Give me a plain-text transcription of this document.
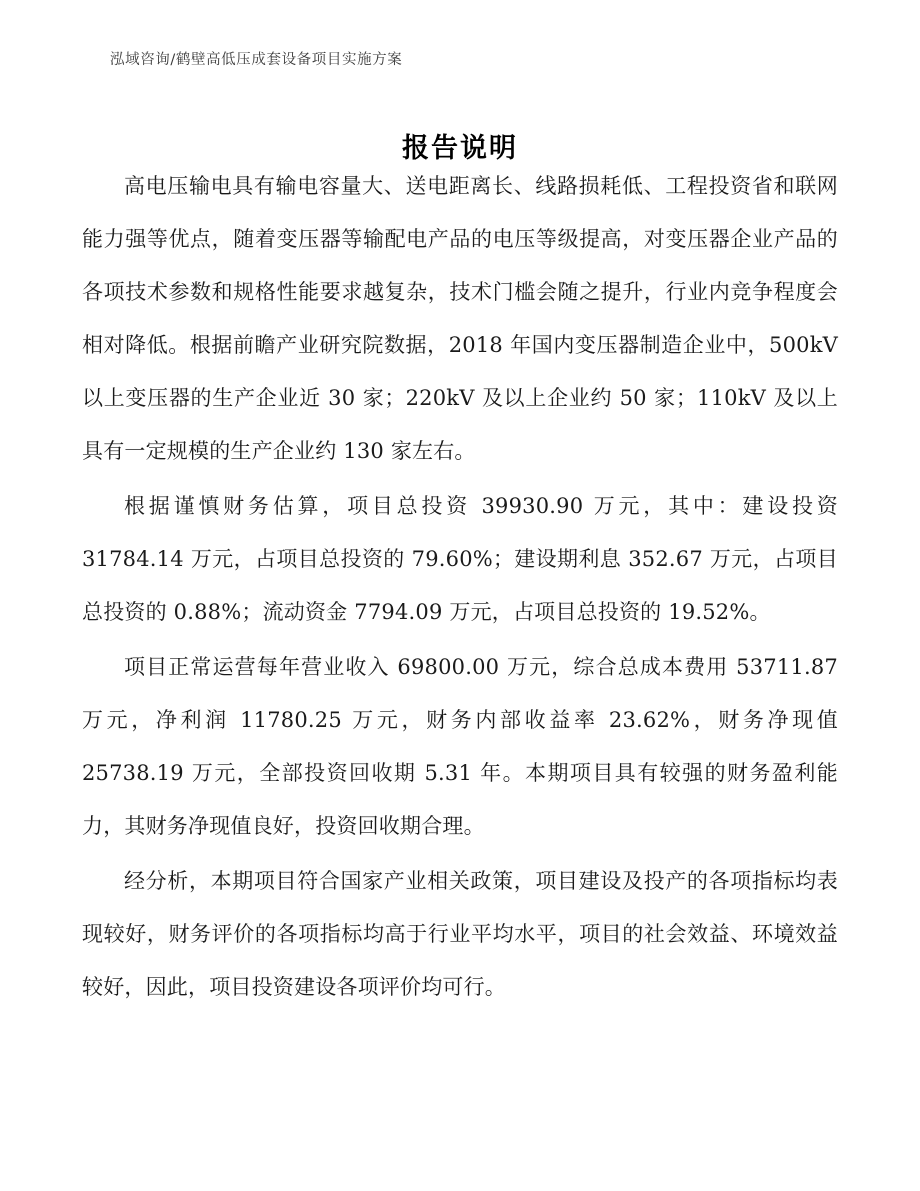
泓域咨询/鹤壁高低压成套设备项目实施方案
报告说明

高电压输电具有输电容量大、送电距离长、线路损耗低、工程投资省和联网能力强等优点，随着变压器等输配电产品的电压等级提高，对变压器企业产品的各项技术参数和规格性能要求越复杂，技术门槛会随之提升，行业内竞争程度会相对降低。根据前瞻产业研究院数据，2018 年国内变压器制造企业中，500kV 以上变压器的生产企业近 30 家；220kV 及以上企业约 50 家；110kV 及以上具有一定规模的生产企业约 130 家左右。

根据谨慎财务估算，项目总投资 39930.90 万元，其中：建设投资 31784.14 万元，占项目总投资的 79.60%；建设期利息 352.67 万元，占项目总投资的 0.88%；流动资金 7794.09 万元，占项目总投资的 19.52%。

项目正常运营每年营业收入 69800.00 万元，综合总成本费用 53711.87 万元，净利润 11780.25 万元，财务内部收益率 23.62%，财务净现值 25738.19 万元，全部投资回收期 5.31 年。本期项目具有较强的财务盈利能力，其财务净现值良好，投资回收期合理。

经分析，本期项目符合国家产业相关政策，项目建设及投产的各项指标均表现较好，财务评价的各项指标均高于行业平均水平，项目的社会效益、环境效益较好，因此，项目投资建设各项评价均可行。
